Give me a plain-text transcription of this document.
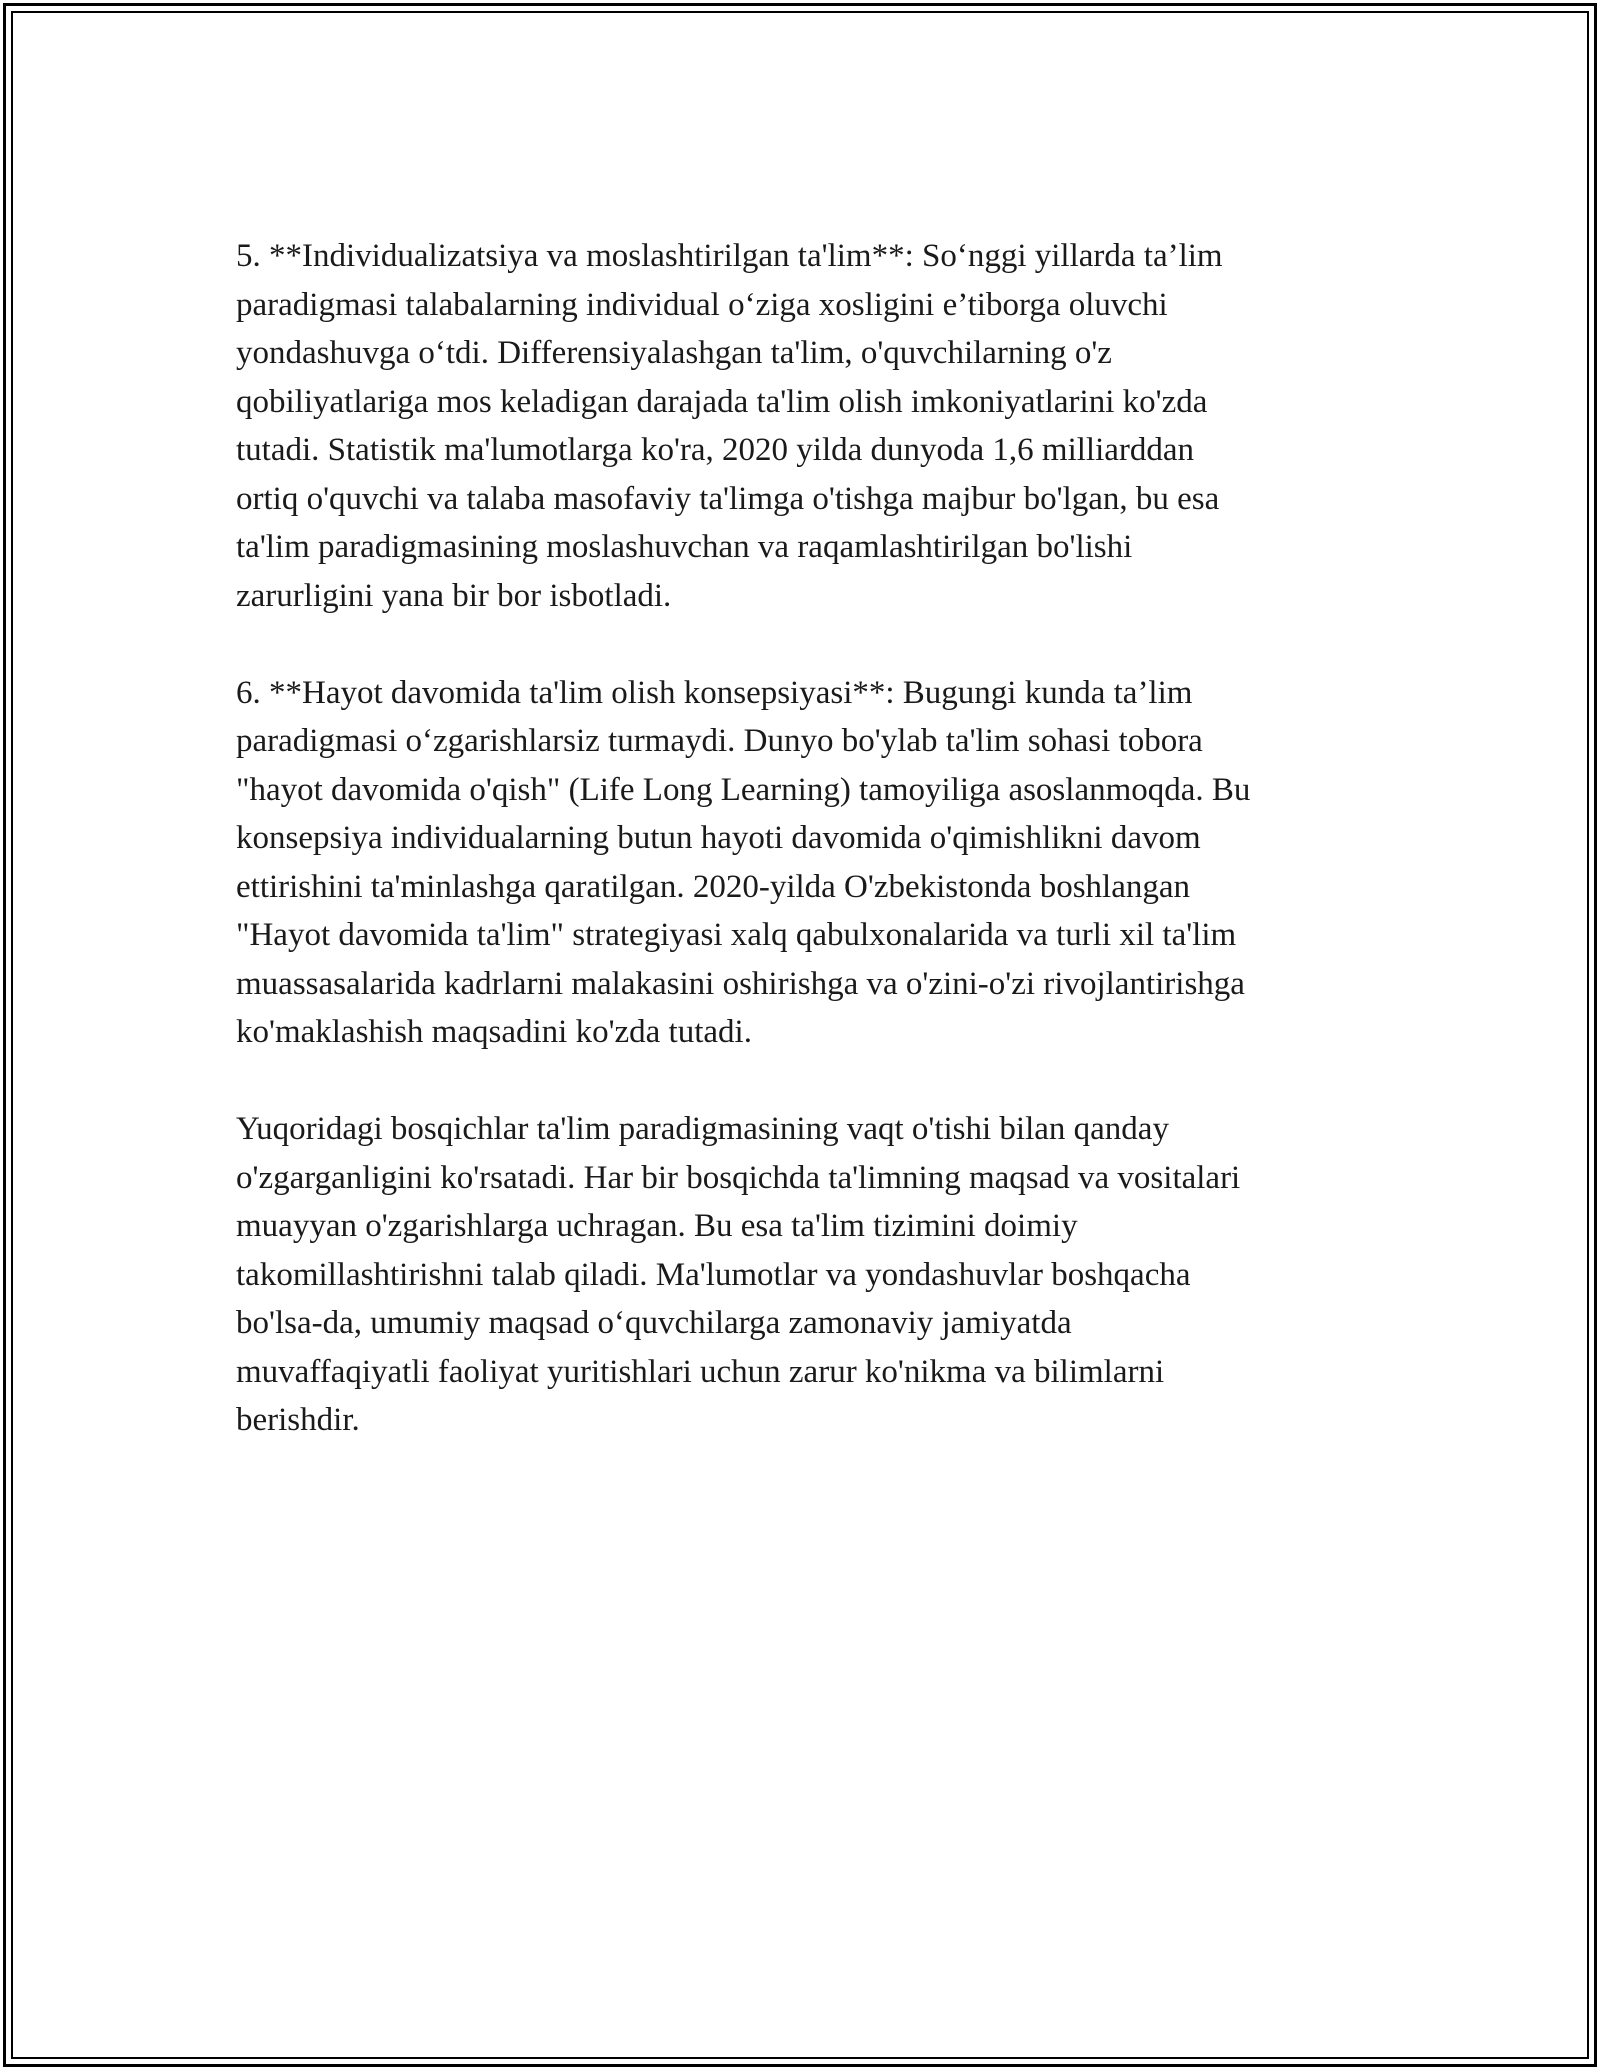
5. **Individualizatsiya va moslashtirilgan ta'lim**: So‘nggi yillarda ta’lim
paradigmasi talabalarning individual o‘ziga xosligini e’tiborga oluvchi
yondashuvga o‘tdi. Differensiyalashgan ta'lim, o'quvchilarning o'z
qobiliyatlariga mos keladigan darajada ta'lim olish imkoniyatlarini ko'zda
tutadi. Statistik ma'lumotlarga ko'ra, 2020 yilda dunyoda 1,6 milliarddan
ortiq o'quvchi va talaba masofaviy ta'limga o'tishga majbur bo'lgan, bu esa
ta'lim paradigmasining moslashuvchan va raqamlashtirilgan bo'lishi
zarurligini yana bir bor isbotladi.

6. **Hayot davomida ta'lim olish konsepsiyasi**: Bugungi kunda ta’lim
paradigmasi o‘zgarishlarsiz turmaydi. Dunyo bo'ylab ta'lim sohasi tobora
"hayot davomida o'qish" (Life Long Learning) tamoyiliga asoslanmoqda. Bu
konsepsiya individualarning butun hayoti davomida o'qimishlikni davom
ettirishini ta'minlashga qaratilgan. 2020-yilda O'zbekistonda boshlangan
"Hayot davomida ta'lim" strategiyasi xalq qabulxonalarida va turli xil ta'lim
muassasalarida kadrlarni malakasini oshirishga va o'zini-o'zi rivojlantirishga
ko'maklashish maqsadini ko'zda tutadi.

Yuqoridagi bosqichlar ta'lim paradigmasining vaqt o'tishi bilan qanday
o'zgarganligini ko'rsatadi. Har bir bosqichda ta'limning maqsad va vositalari
muayyan o'zgarishlarga uchragan. Bu esa ta'lim tizimini doimiy
takomillashtirishni talab qiladi. Ma'lumotlar va yondashuvlar boshqacha
bo'lsa-da, umumiy maqsad o‘quvchilarga zamonaviy jamiyatda
muvaffaqiyatli faoliyat yuritishlari uchun zarur ko'nikma va bilimlarni
berishdir.
